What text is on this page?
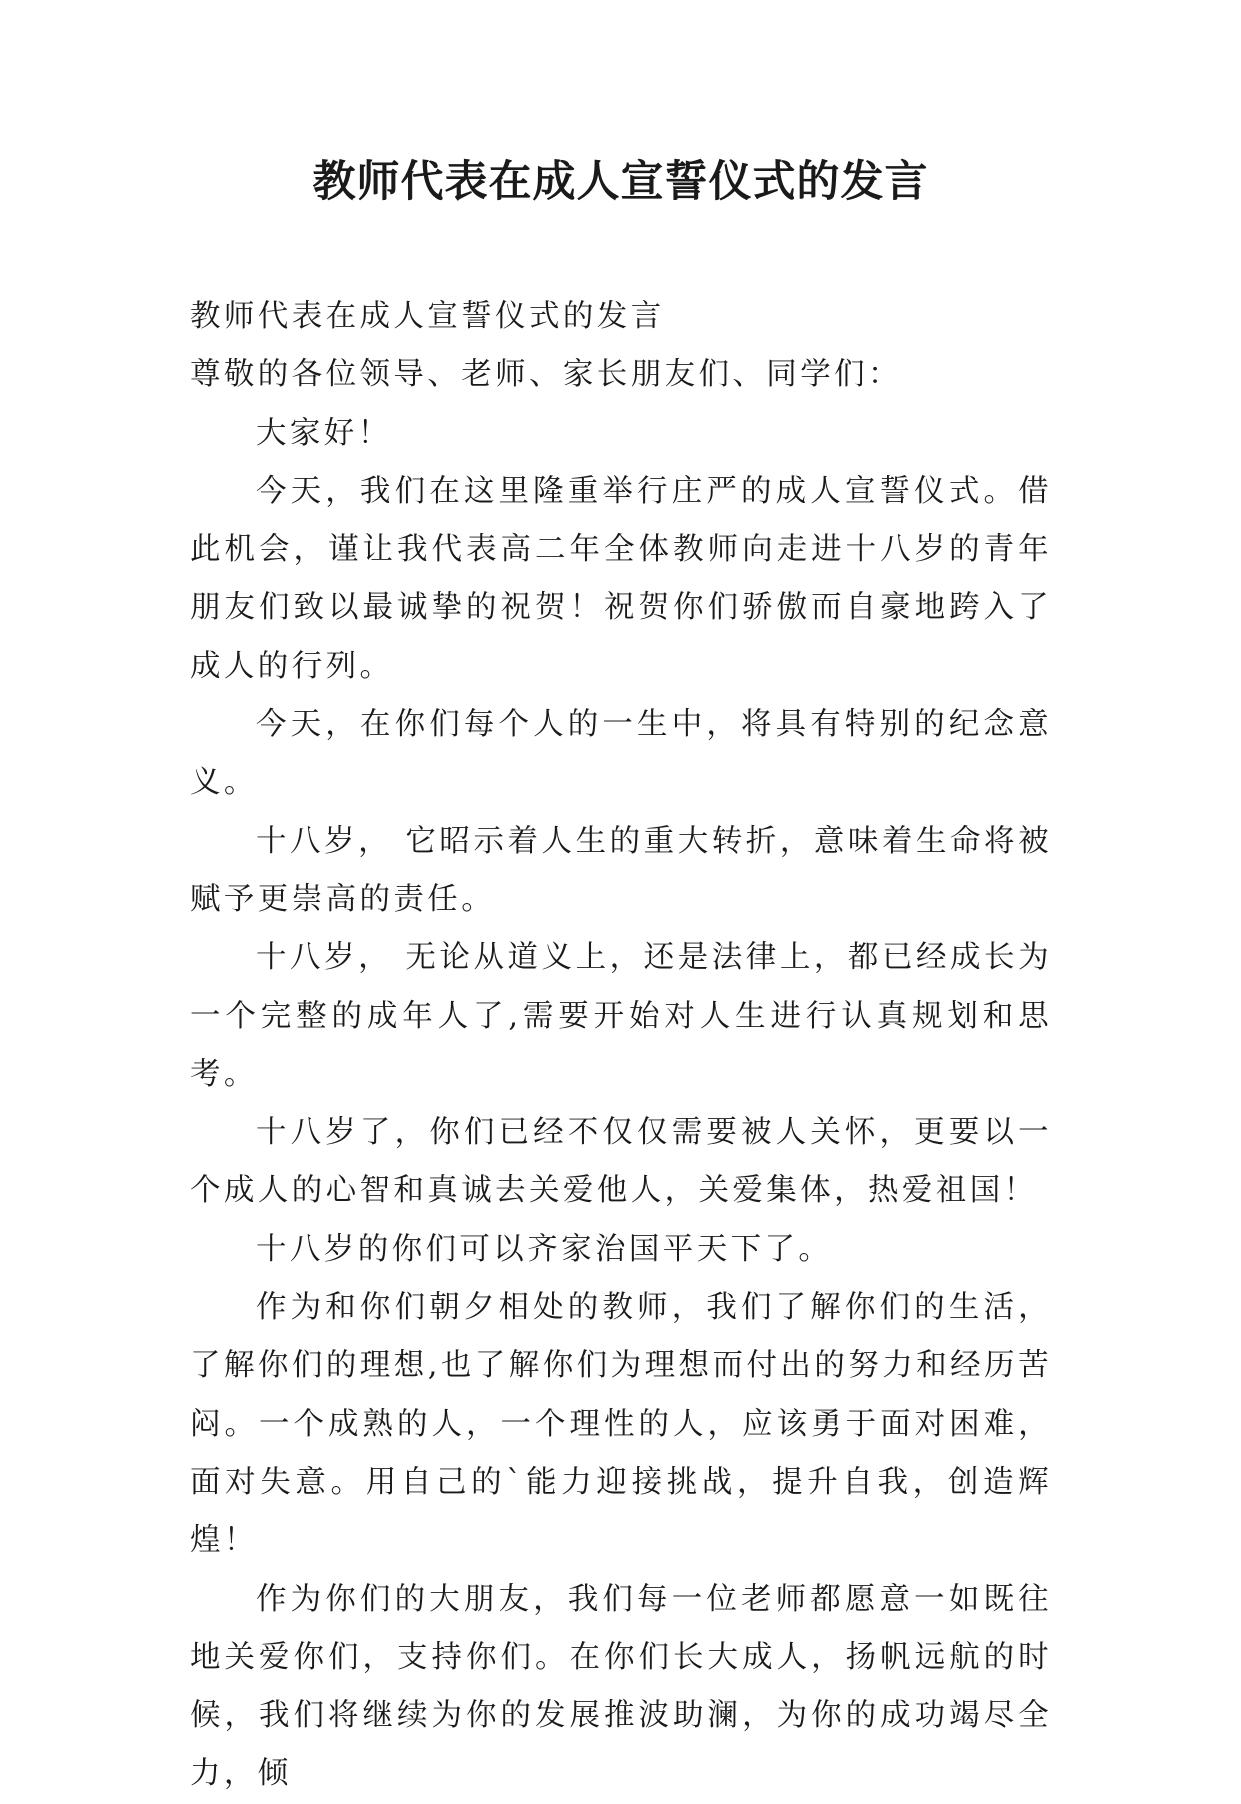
教师代表在成人宣誓仪式的发言

教师代表在成人宣誓仪式的发言

尊敬的各位领导、老师、家长朋友们、同学们：

大家好！

今天，我们在这里隆重举行庄严的成人宣誓仪式。借此机会，谨让我代表高二年全体教师向走进十八岁的青年朋友们致以最诚挚的祝贺！祝贺你们骄傲而自豪地跨入了成人的行列。

今天，在你们每个人的一生中，将具有特别的纪念意义。

十八岁， 它昭示着人生的重大转折，意味着生命将被赋予更崇高的责任。

十八岁， 无论从道义上，还是法律上，都已经成长为一个完整的成年人了,需要开始对人生进行认真规划和思考。

十八岁了，你们已经不仅仅需要被人关怀，更要以一个成人的心智和真诚去关爱他人，关爱集体，热爱祖国！

十八岁的你们可以齐家治国平天下了。

作为和你们朝夕相处的教师，我们了解你们的生活，了解你们的理想,也了解你们为理想而付出的努力和经历苦闷。一个成熟的人，一个理性的人，应该勇于面对困难， 面对失意。用自己的`能力迎接挑战，提升自我，创造辉煌！

作为你们的大朋友，我们每一位老师都愿意一如既往地关爱你们，支持你们。在你们长大成人，扬帆远航的时候，我们将继续为你的发展推波助澜，为你的成功竭尽全力，倾
